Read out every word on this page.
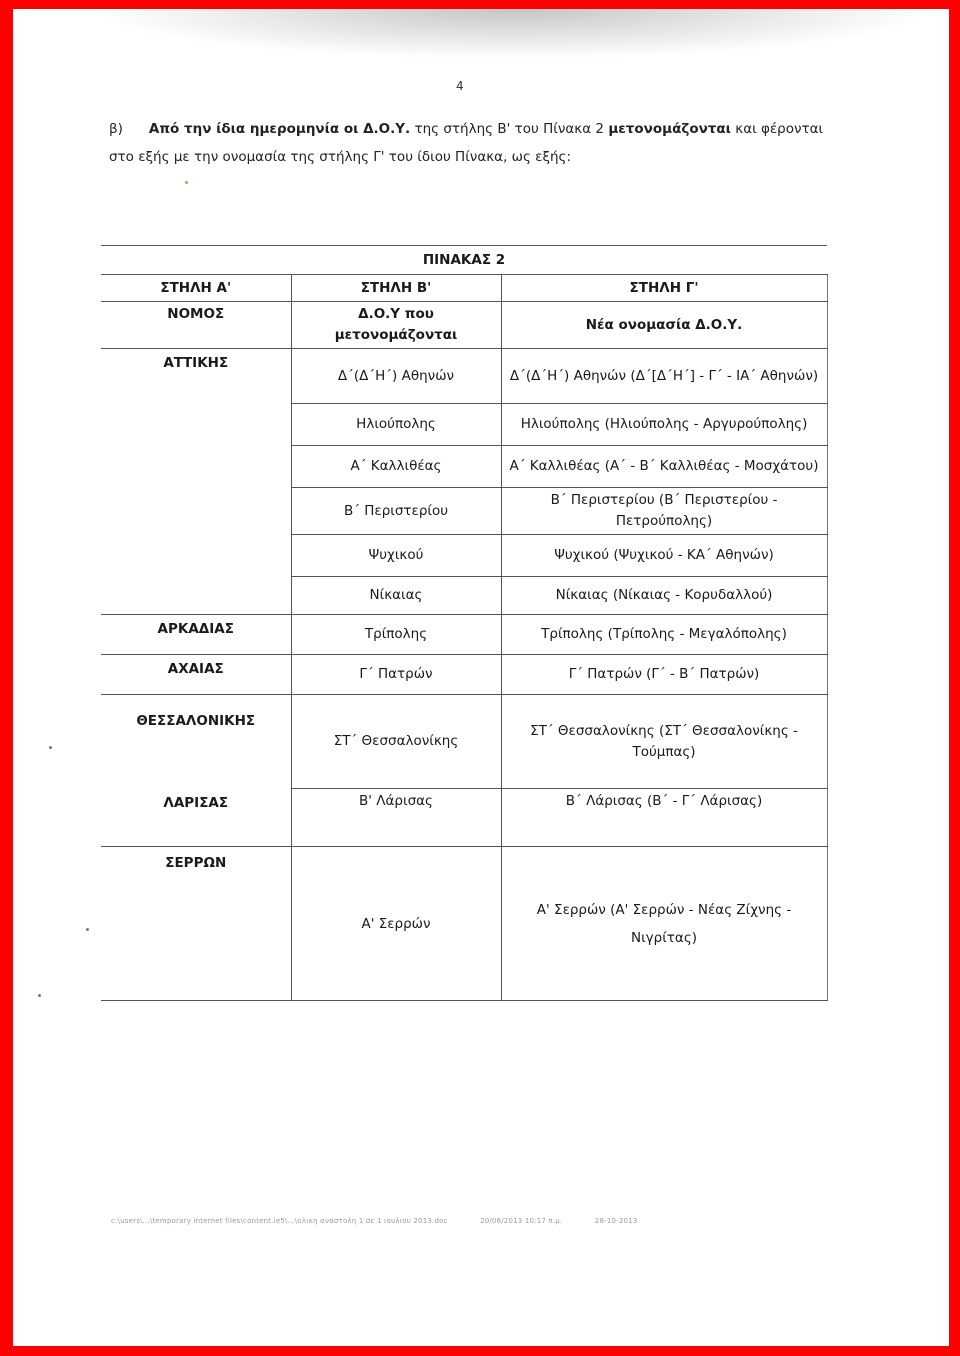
4
β) Από την ίδια ημερομηνία οι Δ.Ο.Υ. της στήλης Β' του Πίνακα 2 μετονομάζονται και φέρονται στο εξής με την ονομασία της στήλης Γ' του ίδιου Πίνακα, ως εξής:
ΠΙΝΑΚΑΣ 2		
ΣΤΗΛΗ Α'	ΣΤΗΛΗ Β'	ΣΤΗΛΗ Γ'
ΝΟΜΟΣ	Δ.Ο.Υ που μετονομάζονται	Νέα ονομασία Δ.Ο.Υ.
ΑΤΤΙΚΗΣ	Δ΄(Δ΄Η΄) Αθηνών	Δ΄(Δ΄Η΄) Αθηνών (Δ΄[Δ΄Η΄] - Γ΄ - ΙΑ΄ Αθηνών)
	Ηλιούπολης	Ηλιούπολης (Ηλιούπολης - Αργυρούπολης)
	Α΄ Καλλιθέας	Α΄ Καλλιθέας (Α΄ - Β΄ Καλλιθέας - Μοσχάτου)
	Β΄ Περιστερίου	Β΄ Περιστερίου (Β΄ Περιστερίου - Πετρούπολης)
	Ψυχικού	Ψυχικού (Ψυχικού - ΚΑ΄ Αθηνών)
	Νίκαιας	Νίκαιας (Νίκαιας - Κορυδαλλού)
ΑΡΚΑΔΙΑΣ	Τρίπολης	Τρίπολης (Τρίπολης - Μεγαλόπολης)
ΑΧΑΙΑΣ	Γ΄ Πατρών	Γ΄ Πατρών (Γ΄ - Β΄ Πατρών)
ΘΕΣΣΑΛΟΝΙΚΗΣ	ΣΤ΄ Θεσσαλονίκης	ΣΤ΄ Θεσσαλονίκης (ΣΤ΄ Θεσσαλονίκης - Τούμπας)
ΛΑΡΙΣΑΣ	Β' Λάρισας	Β΄ Λάρισας (Β΄ - Γ΄ Λάρισας)
ΣΕΡΡΩΝ	Α' Σερρών	Α' Σερρών (Α' Σερρών - Νέας Ζίχνης - Νιγρίτας)
c:\users\...\temporary internet files\content.ie5\...\ολικη αναστολη 1 σε 1 ιουλιου 2013.doc	20/06/2013 10:17 π.μ.	28-10-2013
